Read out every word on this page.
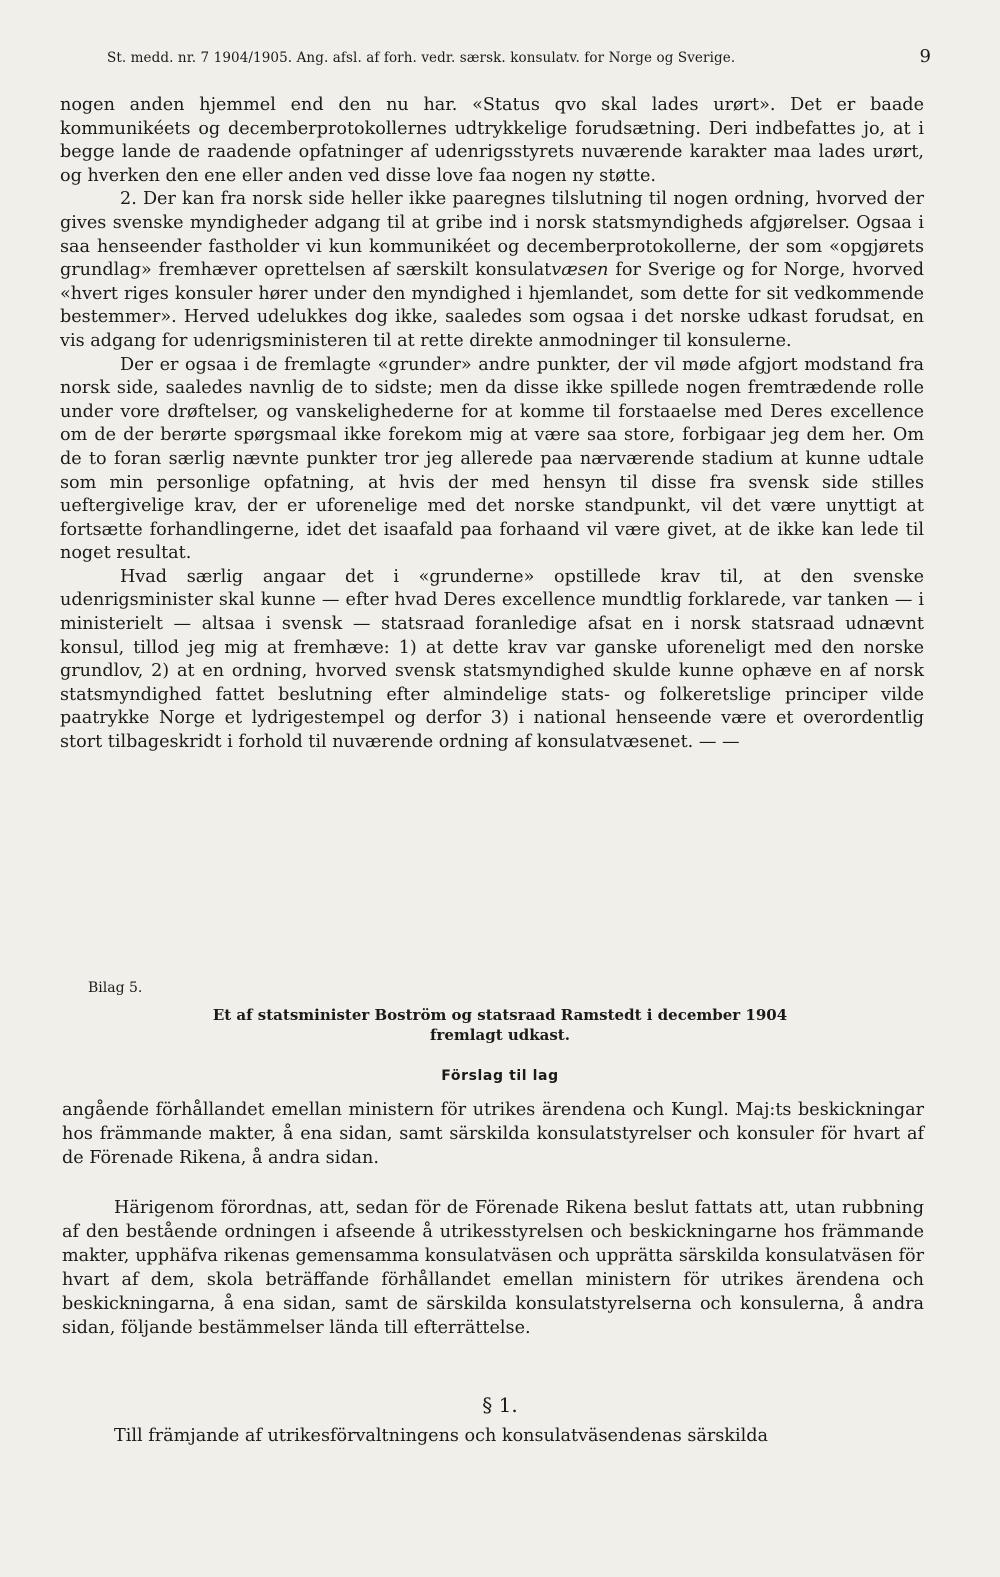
St. medd. nr. 7 1904/1905. Ang. afsl. af forh. vedr. særsk. konsulatv. for Norge og Sverige.	9

nogen anden hjemmel end den nu har. «Status qvo skal lades urørt». Det er baade kommunikéets og decemberprotokollernes udtrykkelige forudsætning. Deri indbefattes jo, at i begge lande de raadende opfatninger af udenrigsstyrets nuværende karakter maa lades urørt, og hverken den ene eller anden ved disse love faa nogen ny støtte.

2. Der kan fra norsk side heller ikke paaregnes tilslutning til nogen ordning, hvorved der gives svenske myndigheder adgang til at gribe ind i norsk statsmyndigheds afgjørelser. Ogsaa i saa henseender fastholder vi kun kommunikéet og decemberprotokollerne, der som «opgjørets grundlag» fremhæver oprettelsen af særskilt konsulatvæsen for Sverige og for Norge, hvorved «hvert riges konsuler hører under den myndighed i hjemlandet, som dette for sit vedkommende bestemmer». Herved udelukkes dog ikke, saaledes som ogsaa i det norske udkast forudsat, en vis adgang for udenrigsministeren til at rette direkte anmodninger til konsulerne.

Der er ogsaa i de fremlagte «grunder» andre punkter, der vil møde afgjort modstand fra norsk side, saaledes navnlig de to sidste; men da disse ikke spillede nogen fremtrædende rolle under vore drøftelser, og vanskelighederne for at komme til forstaaelse med Deres excellence om de der berørte spørgsmaal ikke forekom mig at være saa store, forbigaar jeg dem her. Om de to foran særlig nævnte punkter tror jeg allerede paa nærværende stadium at kunne udtale som min personlige opfatning, at hvis der med hensyn til disse fra svensk side stilles ueftergivelige krav, der er uforenelige med det norske standpunkt, vil det være unyttigt at fortsætte forhandlingerne, idet det isaafald paa forhaand vil være givet, at de ikke kan lede til noget resultat.

Hvad særlig angaar det i «grunderne» opstillede krav til, at den svenske udenrigsminister skal kunne — efter hvad Deres excellence mundtlig forklarede, var tanken — i ministerielt — altsaa i svensk — statsraad foranledige afsat en i norsk statsraad udnævnt konsul, tillod jeg mig at fremhæve: 1) at dette krav var ganske uforeneligt med den norske grundlov, 2) at en ordning, hvorved svensk statsmyndighed skulde kunne ophæve en af norsk statsmyndighed fattet beslutning efter almindelige stats- og folkeretslige principer vilde paatrykke Norge et lydrigestempel og derfor 3) i national henseende være et overordentlig stort tilbageskridt i forhold til nuværende ordning af konsulatvæsenet. — —

Bilag 5.
Et af statsminister Boström og statsraad Ramstedt i december 1904
fremlagt udkast.
Förslag til lag

angående förhållandet emellan ministern för utrikes ärendena och Kungl. Maj:ts beskickningar hos främmande makter, å ena sidan, samt särskilda konsulatstyrelser och konsuler för hvart af de Förenade Rikena, å andra sidan.

Härigenom förordnas, att, sedan för de Förenade Rikena beslut fattats att, utan rubbning af den bestående ordningen i afseende å utrikesstyrelsen och beskickningarne hos främmande makter, upphäfva rikenas gemensamma konsulatväsen och upprätta särskilda konsulatväsen för hvart af dem, skola beträffande förhållandet emellan ministern för utrikes ärendena och beskickningarna, å ena sidan, samt de särskilda konsulatstyrelserna och konsulerna, å andra sidan, följande bestämmelser lända till efterrättelse.

§ 1.

Till främjande af utrikesförvaltningens och konsulatväsendenas särskilda
